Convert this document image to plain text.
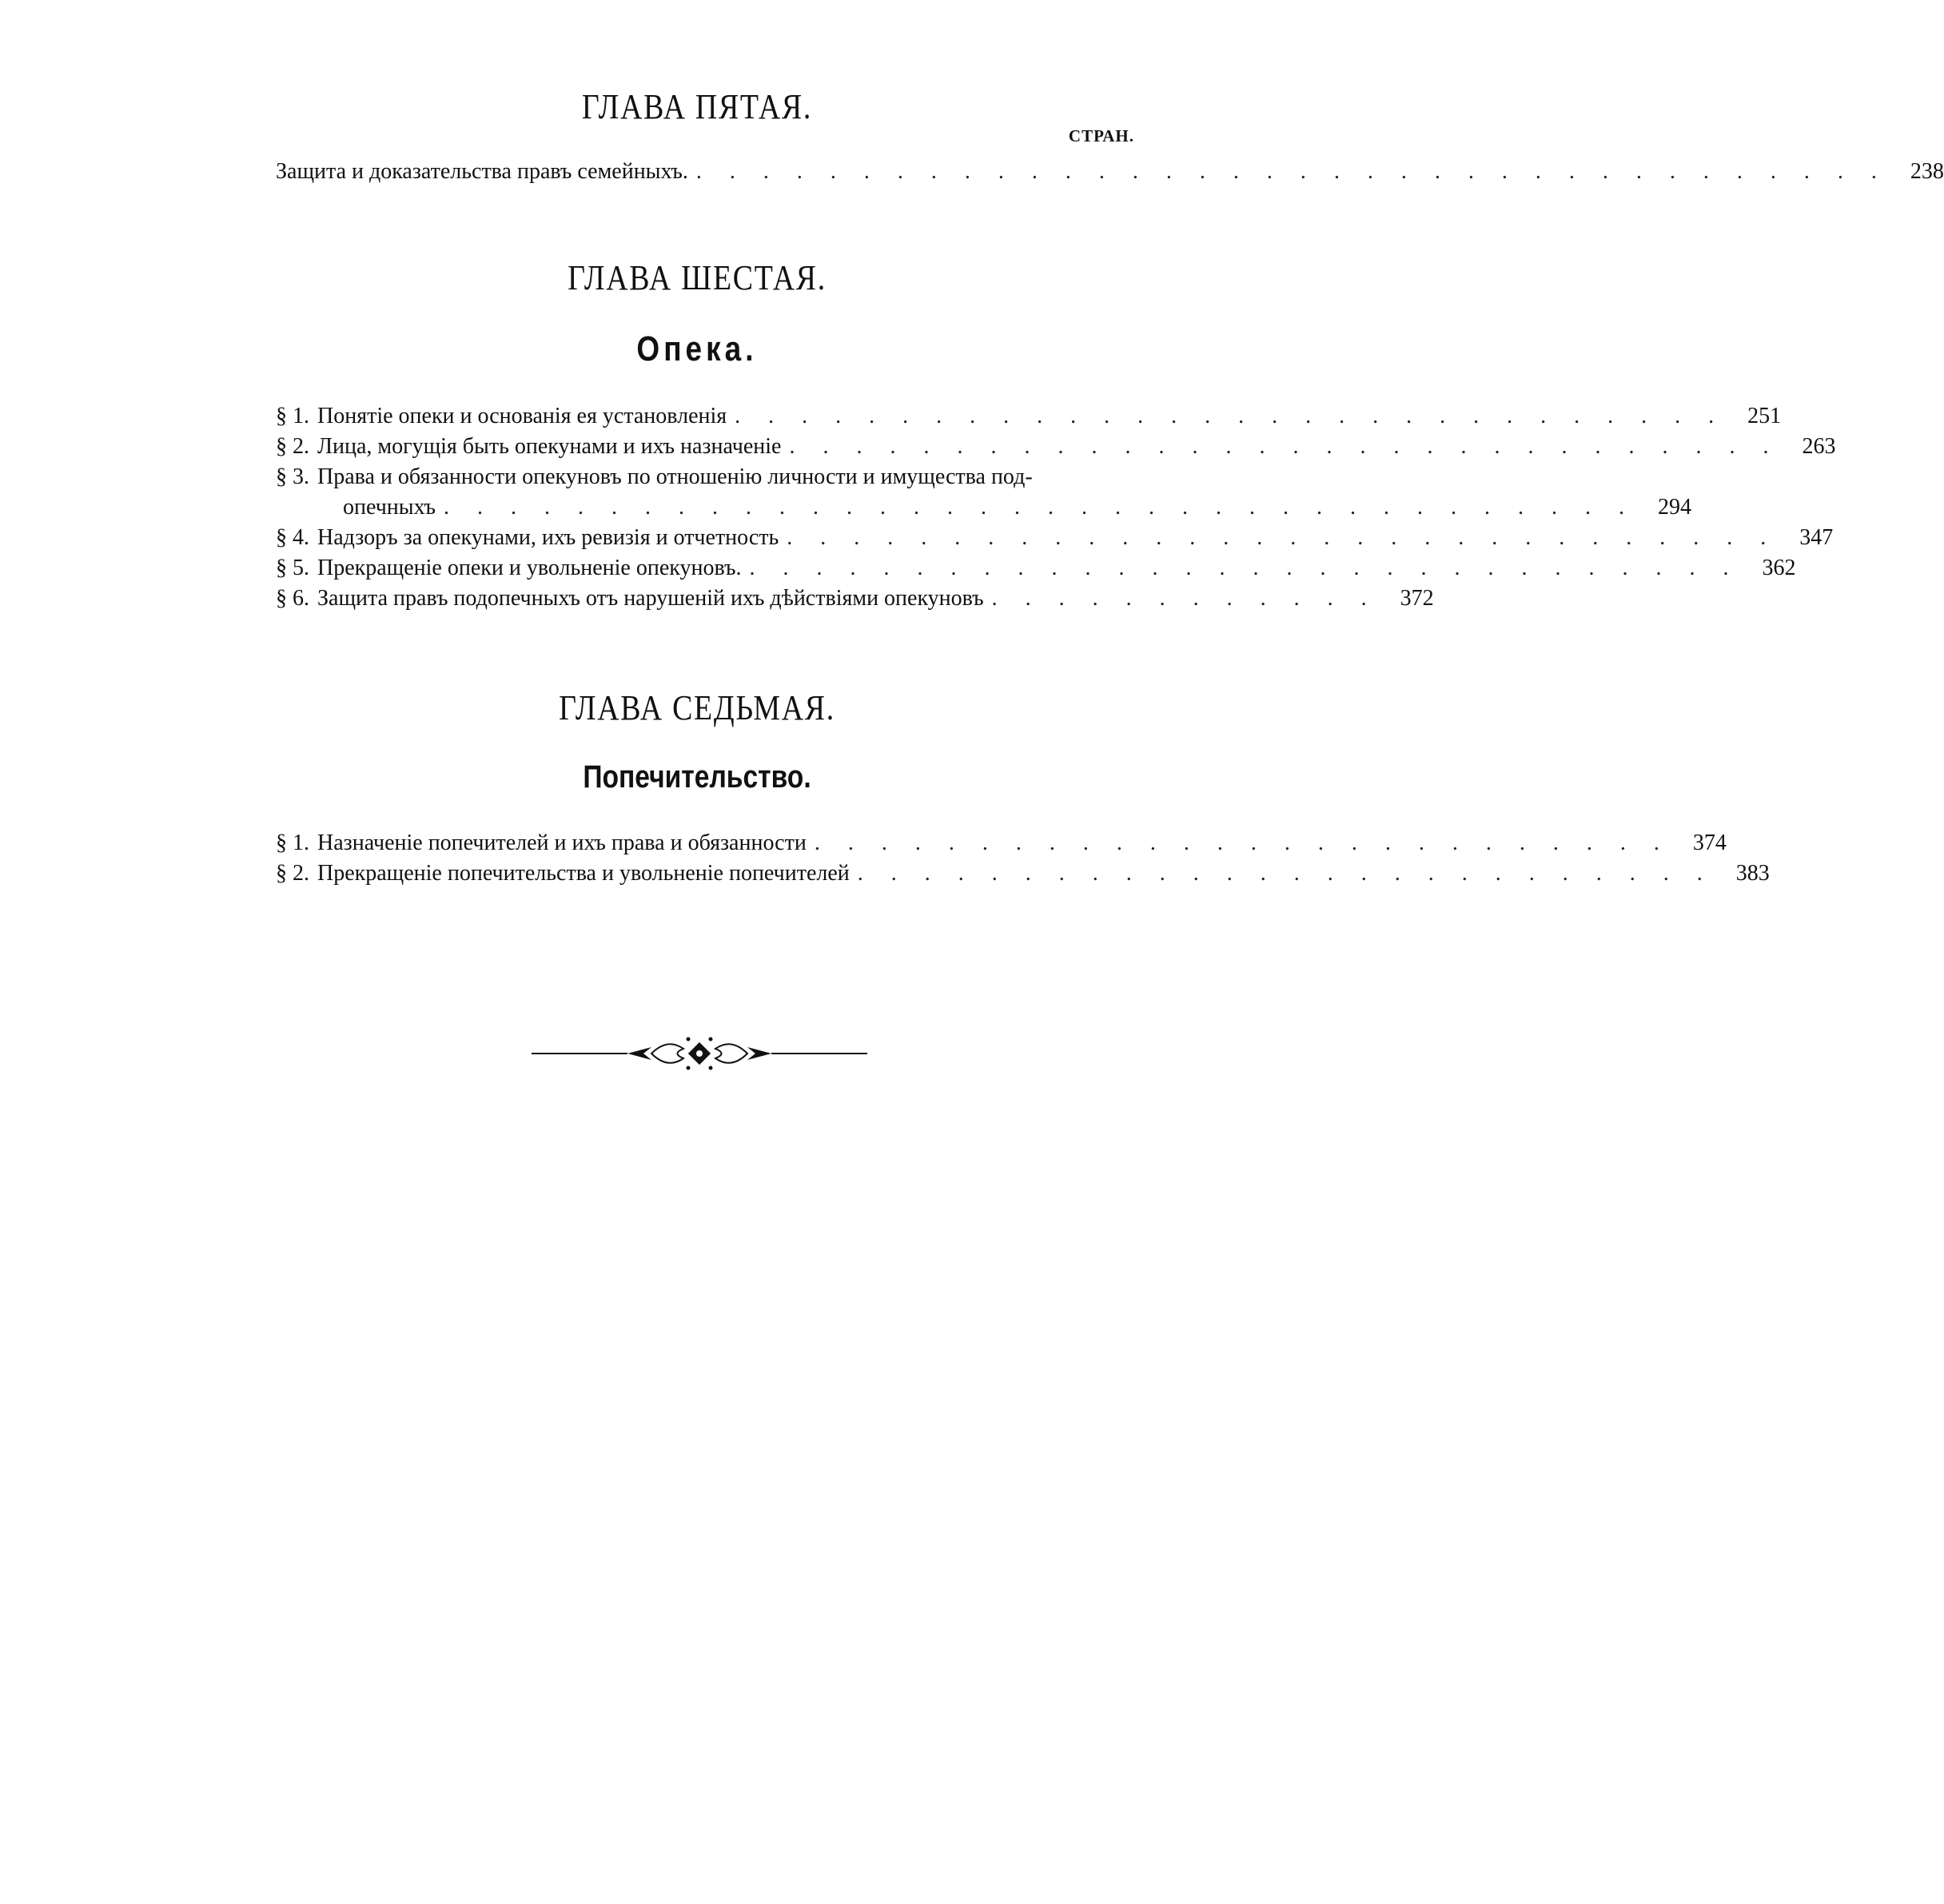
ГЛАВА ПЯТАЯ.
СТРАН.
Защита и доказательства правъ семейныхъ. . . . . . . . . . . . . . . . . . . . . . . . . . . . . . . . . . . . .	238
ГЛАВА ШЕСТАЯ.
Опека.
§ 1. Понятіе опеки и основанія ея установленія . . . . . . . . . . . . . . . . . . . . . . . . . . . . . .	251
§ 2. Лица, могущія быть опекунами и ихъ назначеніе . . . . . . . . . . . . . . . . . . . . . . . . . . . . . .	263
§ 3. Права и обязанности опекуновъ по отношенію личности и имущества под-
опечныхъ . . . . . . . . . . . . . . . . . . . . . . . . . . . . . . . . . . . .	294
§ 4. Надзоръ за опекунами, ихъ ревизія и отчетность . . . . . . . . . . . . . . . . . . . . . . . . . . . . . .	347
§ 5. Прекращеніе опеки и увольненіе опекуновъ. . . . . . . . . . . . . . . . . . . . . . . . . . . . . . .	362
§ 6. Защита правъ подопечныхъ отъ нарушеній ихъ дѣйствіями опекуновъ . . . . . . . . . . . .	372
ГЛАВА СЕДЬМАЯ.
Попечительство.
§ 1. Назначеніе попечителей и ихъ права и обязанности . . . . . . . . . . . . . . . . . . . . . . . . . .	374
§ 2. Прекращеніе попечительства и увольненіе попечителей . . . . . . . . . . . . . . . . . . . . . . . . . .	383
